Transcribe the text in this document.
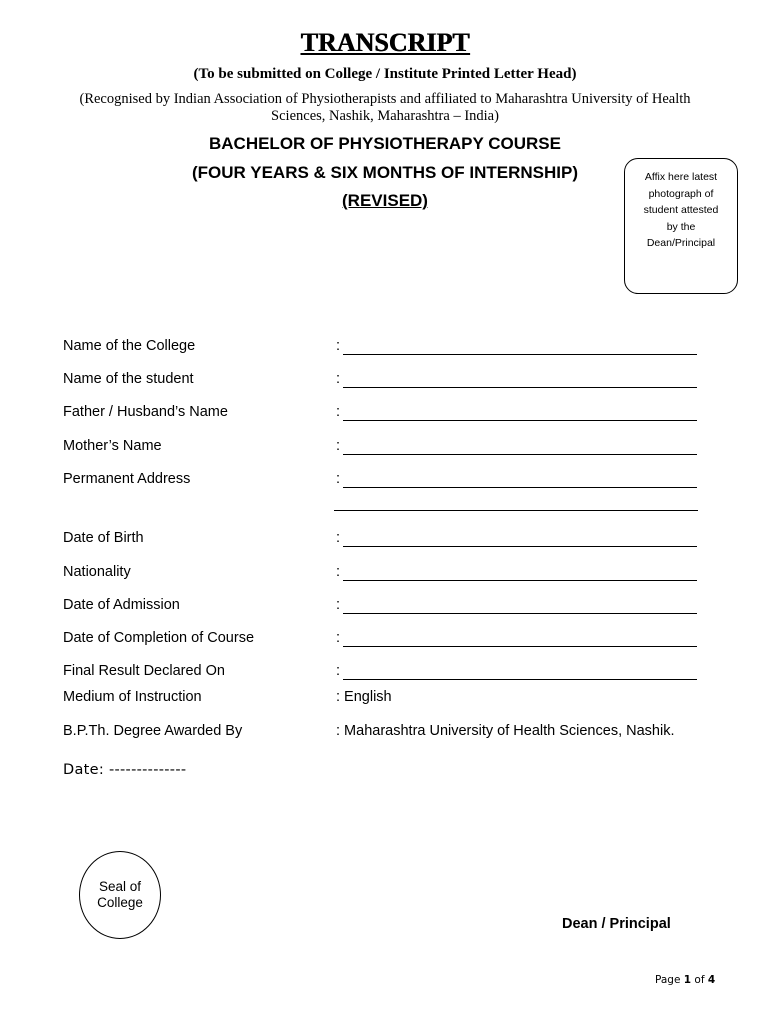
TRANSCRIPT
(To be submitted on College / Institute Printed Letter Head)
(Recognised by Indian Association of Physiotherapists and affiliated to Maharashtra University of Health Sciences, Nashik, Maharashtra – India)
BACHELOR OF PHYSIOTHERAPY COURSE
(FOUR YEARS & SIX MONTHS OF INTERNSHIP)
(REVISED)
Affix here latest
photograph of
student attested
by the
Dean/Principal
Name of the College	:
Name of the student	:
Father / Husband’s Name	:
Mother’s Name	:
Permanent Address	:
Date of Birth	:
Nationality	:
Date of Admission	:
Date of Completion of Course	:
Final Result Declared On	:
Medium of Instruction	: English
B.P.Th. Degree Awarded By	: Maharashtra University of Health Sciences, Nashik.
Date: --------------
Seal of
College
Dean / Principal
Page 1 of 4
